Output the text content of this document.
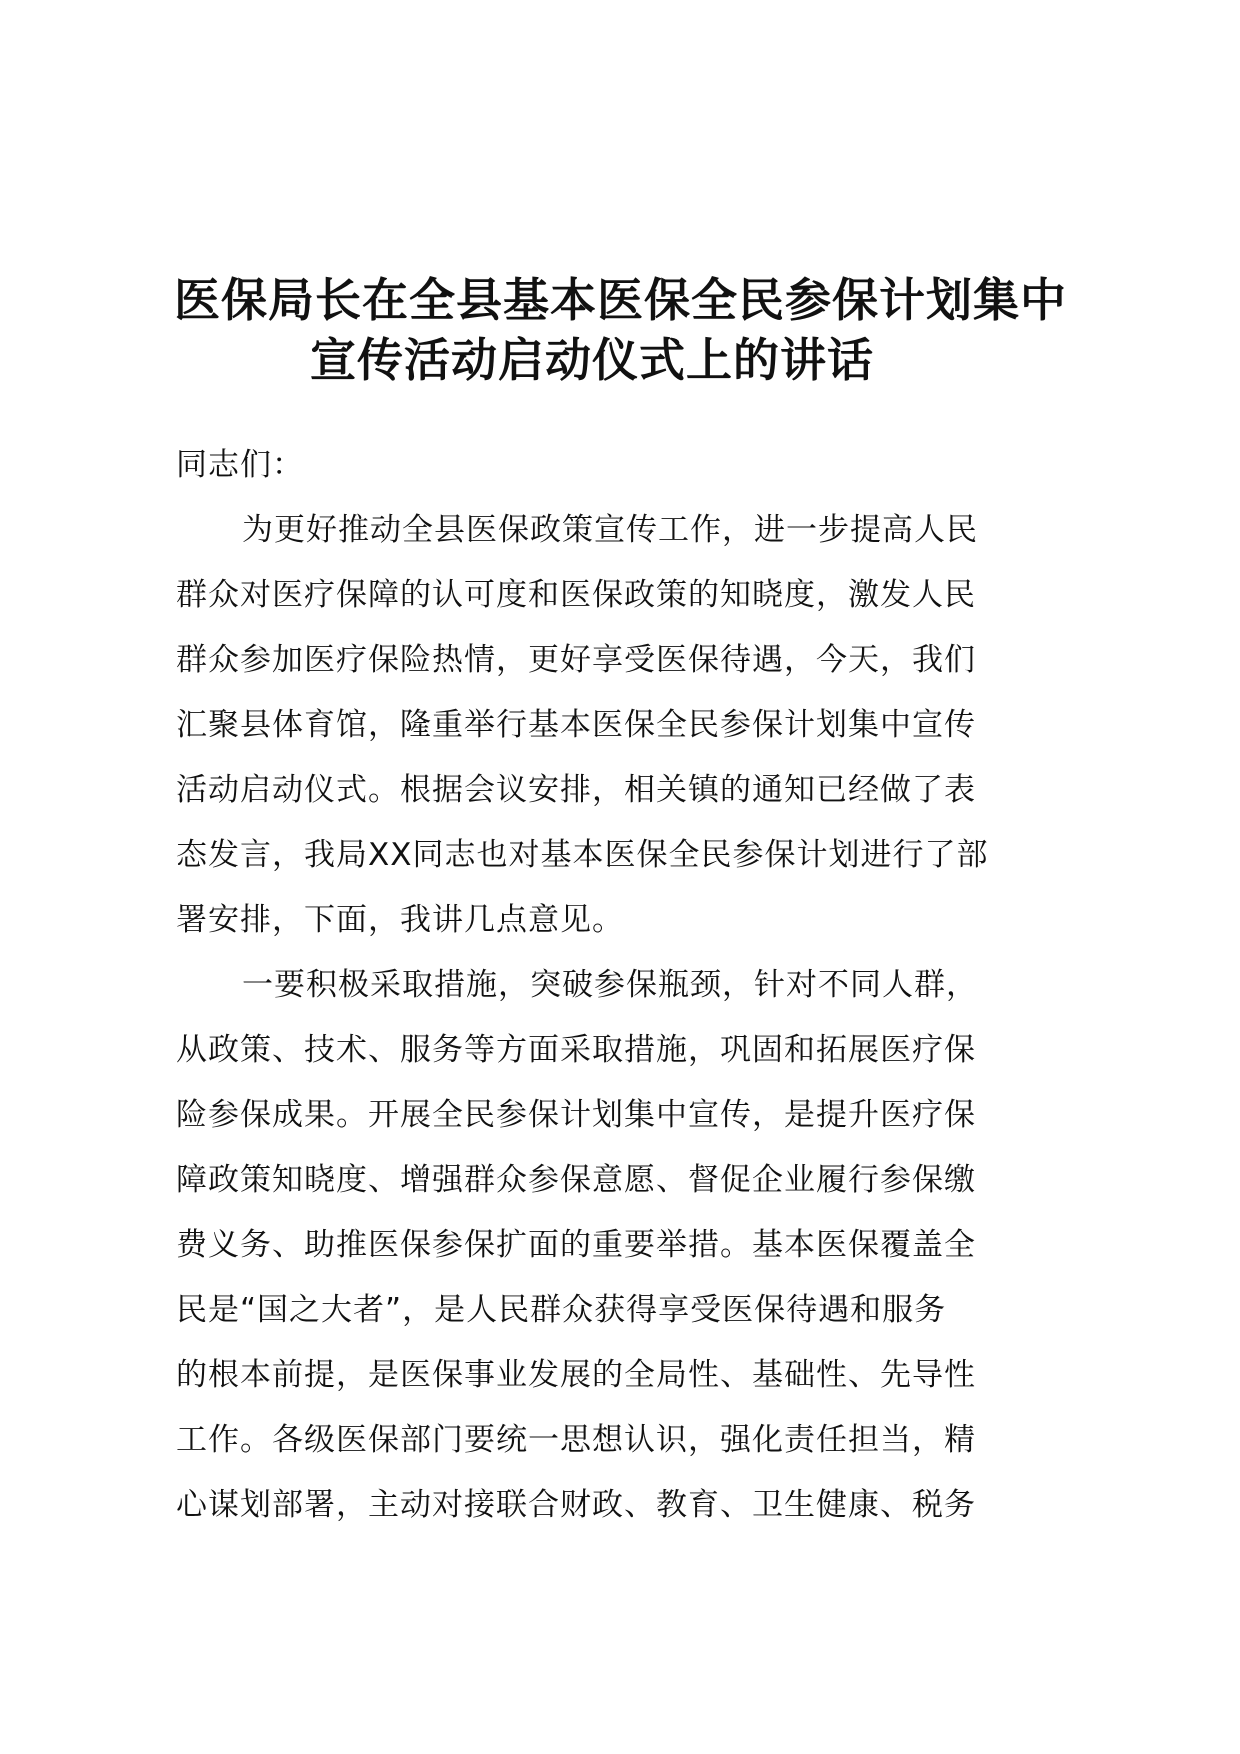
医保局长在全县基本医保全民参保计划集中
宣传活动启动仪式上的讲话
同志们：
为更好推动全县医保政策宣传工作，进一步提高人民
群众对医疗保障的认可度和医保政策的知晓度，激发人民
群众参加医疗保险热情，更好享受医保待遇，今天，我们
汇聚县体育馆，隆重举行基本医保全民参保计划集中宣传
活动启动仪式。根据会议安排，相关镇的通知已经做了表
态发言，我局XX同志也对基本医保全民参保计划进行了部
署安排，下面，我讲几点意见。
一要积极采取措施，突破参保瓶颈，针对不同人群，
从政策、技术、服务等方面采取措施，巩固和拓展医疗保
险参保成果。开展全民参保计划集中宣传，是提升医疗保
障政策知晓度、增强群众参保意愿、督促企业履行参保缴
费义务、助推医保参保扩面的重要举措。基本医保覆盖全
民是“国之大者”，是人民群众获得享受医保待遇和服务
的根本前提，是医保事业发展的全局性、基础性、先导性
工作。各级医保部门要统一思想认识，强化责任担当，精
心谋划部署，主动对接联合财政、教育、卫生健康、税务
